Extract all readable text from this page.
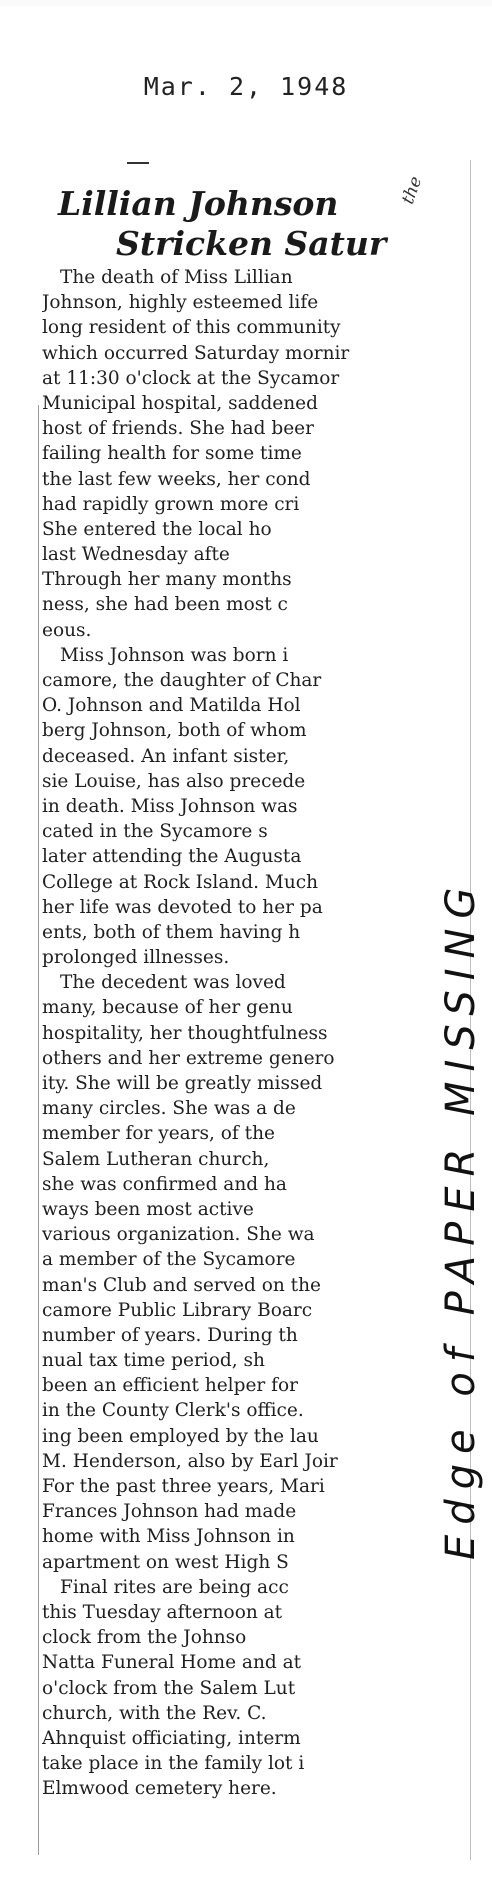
Mar. 2, 1948
Lillian Johnson
Stricken Satur
the
The death of Miss Lillian
Johnson, highly esteemed life
long resident of this community
which occurred Saturday mornir
at 11:30 o'clock at the Sycamor
Municipal hospital, saddened
host of friends. She had beer
failing health for some time
the last few weeks, her cond
had rapidly grown more cri
She entered the local ho
last Wednesday afte
Through her many months
ness, she had been most c
eous.
Miss Johnson was born i
camore, the daughter of Char
O. Johnson and Matilda Hol
berg Johnson, both of whom
deceased. An infant sister,
sie Louise, has also precede
in death. Miss Johnson was
cated in the Sycamore s
later attending the Augusta
College at Rock Island. Much
her life was devoted to her pa
ents, both of them having h
prolonged illnesses.
The decedent was loved
many, because of her genu
hospitality, her thoughtfulness
others and her extreme genero
ity. She will be greatly missed
many circles. She was a de
member for years, of the
Salem Lutheran church,
she was confirmed and ha
ways been most active
various organization. She wa
a member of the Sycamore
man's Club and served on the
camore Public Library Boarc
number of years. During th
nual tax time period, sh
been an efficient helper for
in the County Clerk's office.
ing been employed by the lau
M. Henderson, also by Earl Joir
For the past three years, Mari
Frances Johnson had made
home with Miss Johnson in
apartment on west High S
Final rites are being acc
this Tuesday afternoon at
clock from the Johnso
Natta Funeral Home and at
o'clock from the Salem Lut
church, with the Rev. C.
Ahnquist officiating, interm
take place in the family lot i
Elmwood cemetery here.
Edge of PAPER MISSING
